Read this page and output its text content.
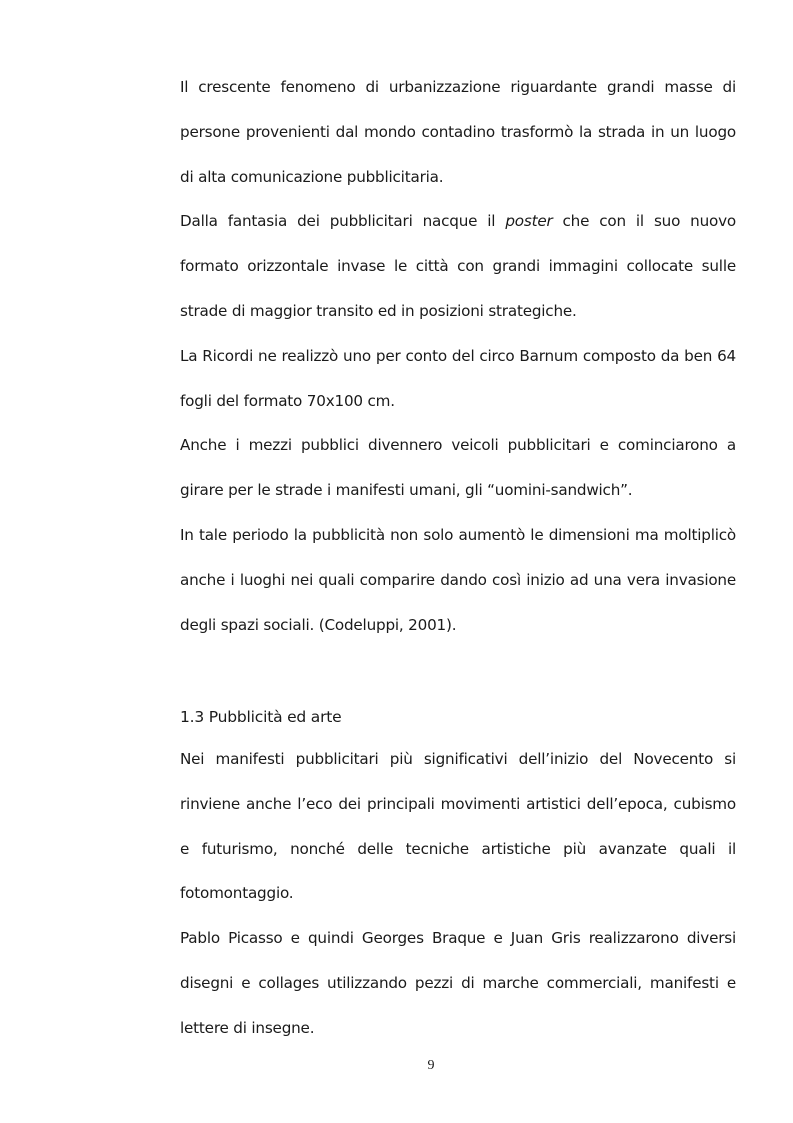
Il crescente fenomeno di urbanizzazione riguardante grandi masse di persone provenienti dal mondo contadino trasformò la strada in un luogo di alta comunicazione pubblicitaria.

Dalla fantasia dei pubblicitari nacque il poster che con il suo nuovo formato orizzontale invase le città con grandi immagini collocate sulle strade di maggior transito ed in posizioni strategiche.

La Ricordi ne realizzò uno per conto del circo Barnum composto da ben 64 fogli del formato 70x100 cm.

Anche i mezzi pubblici divennero veicoli pubblicitari e cominciarono a girare per le strade i manifesti umani, gli “uomini-sandwich”.

In tale periodo la pubblicità non solo aumentò le dimensioni ma moltiplicò anche i luoghi nei quali comparire dando così inizio ad una vera invasione degli spazi sociali. (Codeluppi, 2001).

1.3 Pubblicità ed arte

Nei manifesti pubblicitari più significativi dell’inizio del Novecento si rinviene anche l’eco dei principali movimenti artistici dell’epoca, cubismo e futurismo, nonché delle tecniche artistiche più avanzate quali il fotomontaggio.

Pablo Picasso e quindi Georges Braque e Juan Gris realizzarono diversi disegni e collages utilizzando pezzi di marche commerciali, manifesti e lettere di insegne.

9
